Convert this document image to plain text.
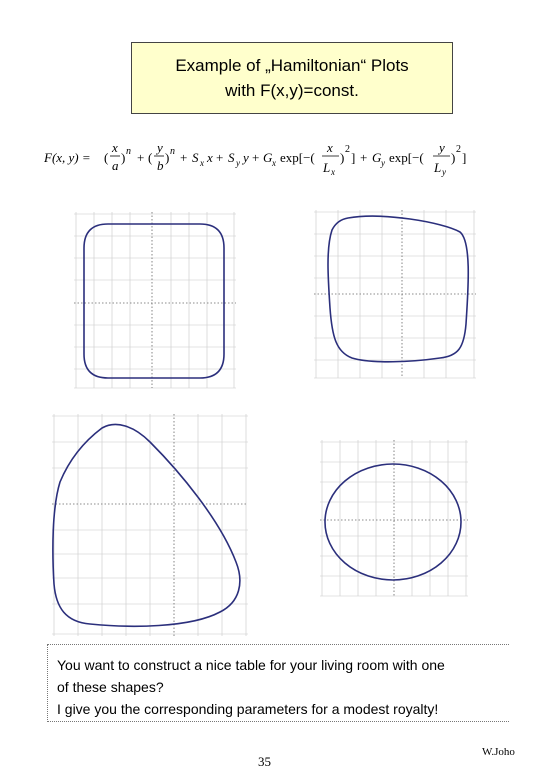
Example of „Hamiltonian“ Plots
with F(x,y)=const.
F(x, y) = (
x
a
) n + (
y
b
) n + S x x + S y y + G x exp[−(
x
L x
)
2
] + G y exp[−(
y
L y
)
2
]
You want to construct a nice table for your living room with one
of these shapes?
I give you the corresponding parameters for a modest royalty!
35
W.Joho
